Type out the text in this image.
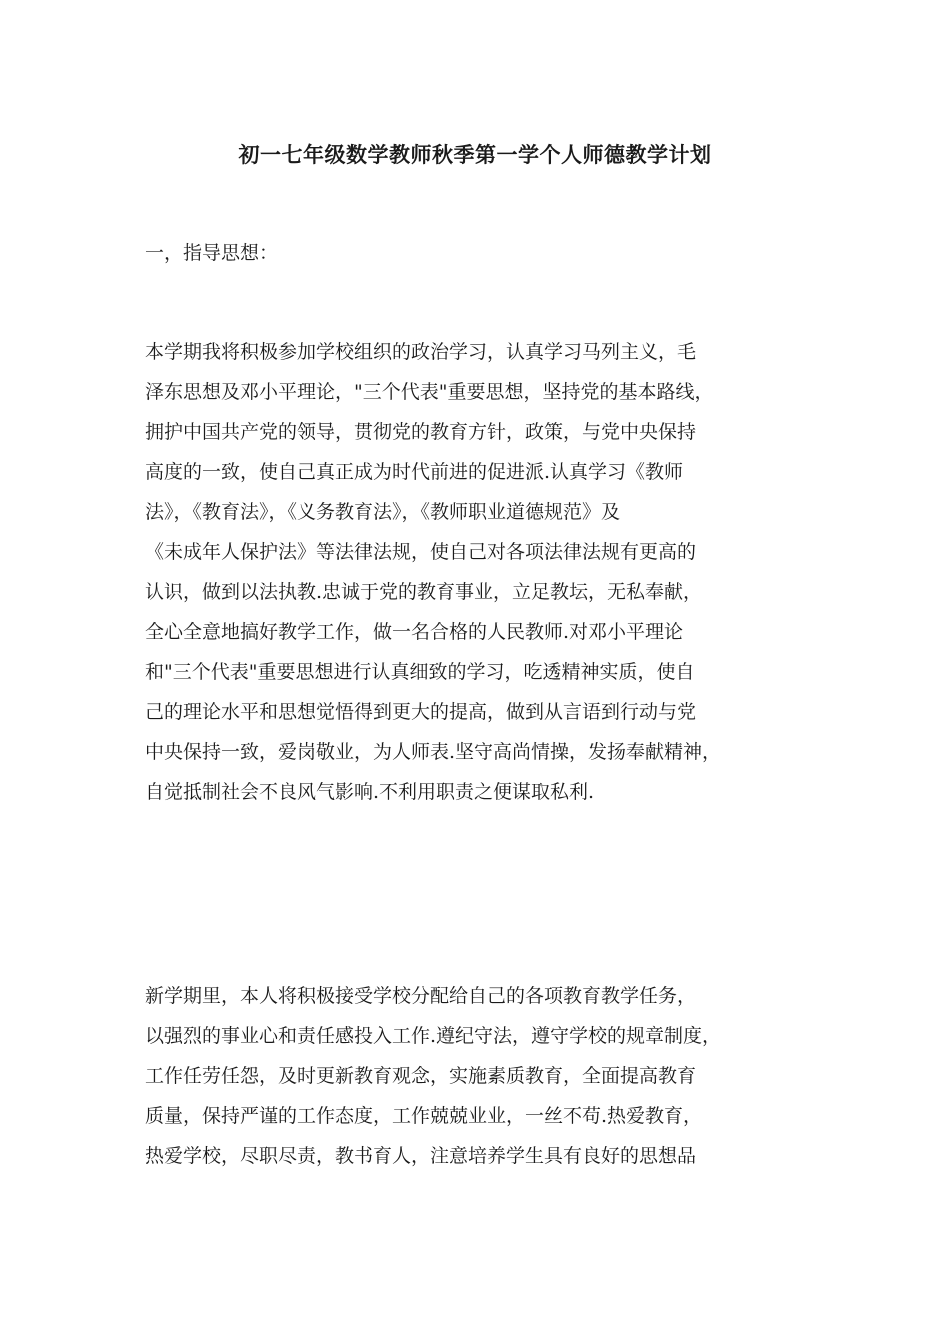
初一七年级数学教师秋季第一学个人师德教学计划
一，指导思想：
本学期我将积极参加学校组织的政治学习，认真学习马列主义，毛
泽东思想及邓小平理论，"三个代表"重要思想，坚持党的基本路线，
拥护中国共产党的领导，贯彻党的教育方针，政策，与党中央保持
高度的一致，使自己真正成为时代前进的促进派.认真学习《教师
法》，《教育法》，《义务教育法》，《教师职业道德规范》及
《未成年人保护法》等法律法规，使自己对各项法律法规有更高的
认识，做到以法执教.忠诚于党的教育事业，立足教坛，无私奉献，
全心全意地搞好教学工作，做一名合格的人民教师.对邓小平理论
和"三个代表"重要思想进行认真细致的学习，吃透精神实质，使自
己的理论水平和思想觉悟得到更大的提高，做到从言语到行动与党
中央保持一致，爱岗敬业，为人师表.坚守高尚情操，发扬奉献精神，
自觉抵制社会不良风气影响.不利用职责之便谋取私利.
新学期里，本人将积极接受学校分配给自己的各项教育教学任务，
以强烈的事业心和责任感投入工作.遵纪守法，遵守学校的规章制度，
工作任劳任怨，及时更新教育观念，实施素质教育，全面提高教育
质量，保持严谨的工作态度，工作兢兢业业，一丝不苟.热爱教育，
热爱学校，尽职尽责，教书育人，注意培养学生具有良好的思想品
